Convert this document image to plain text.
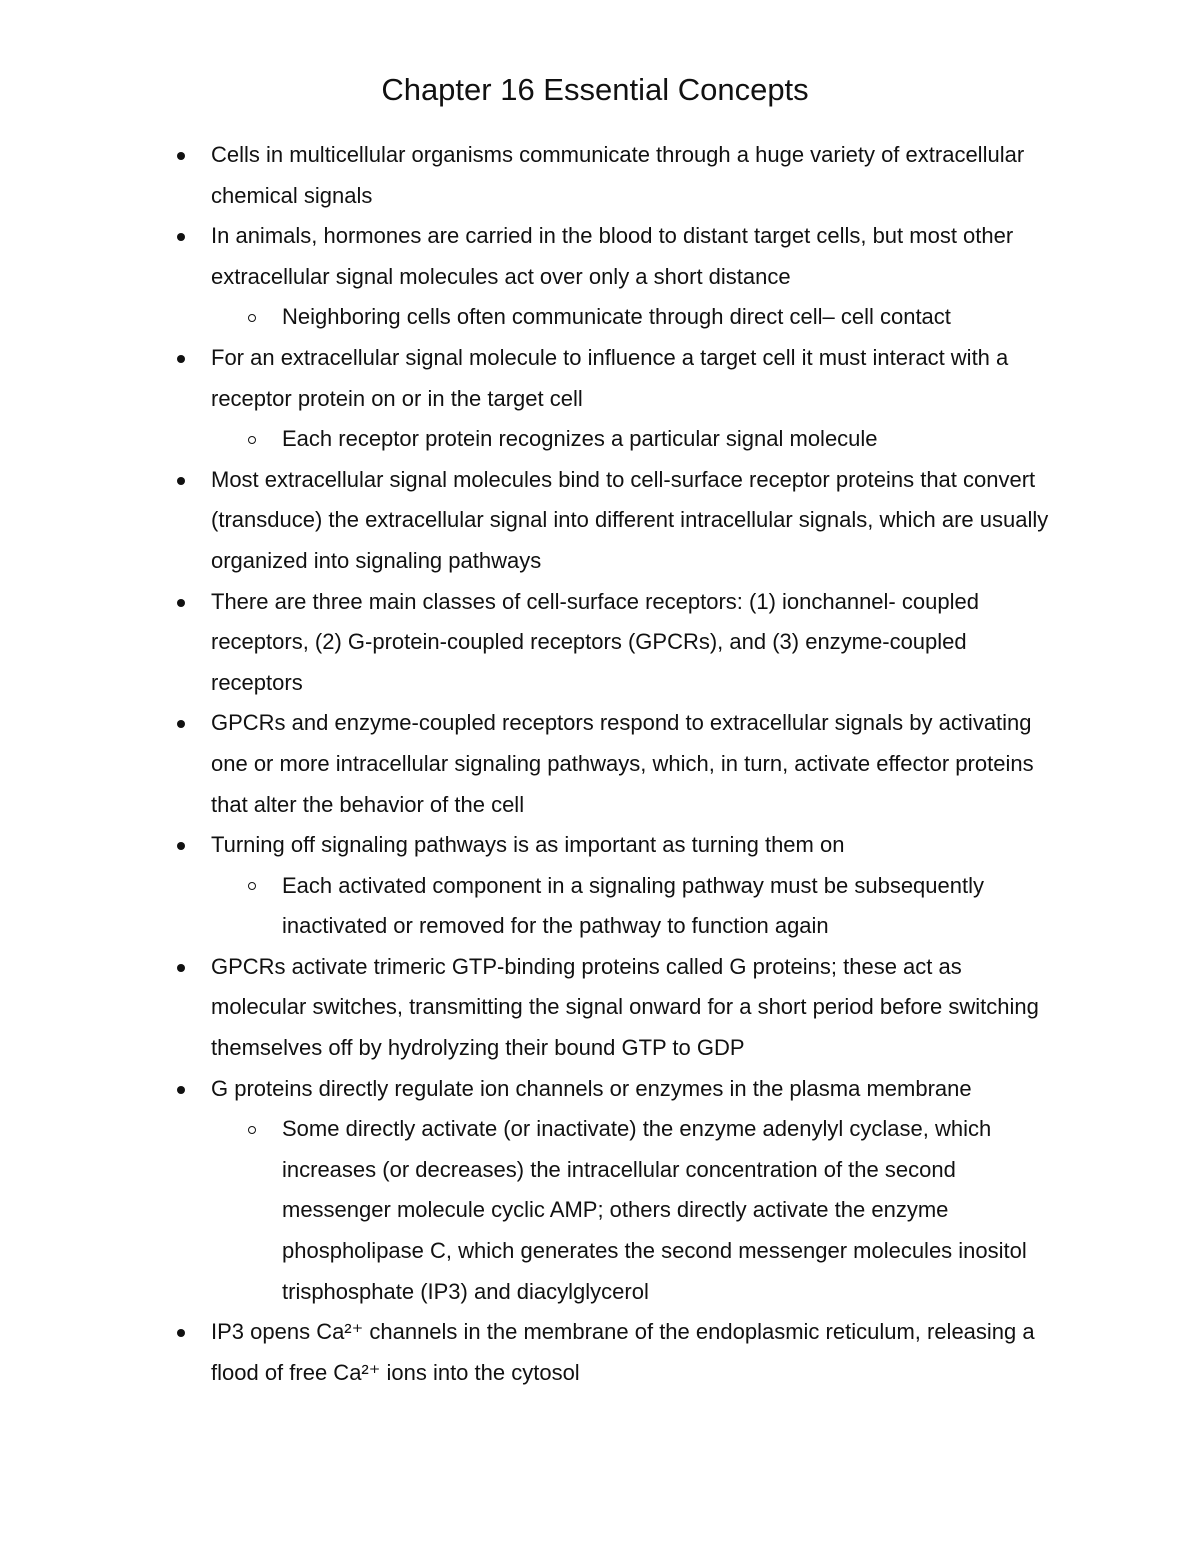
Chapter 16 Essential Concepts
Cells in multicellular organisms communicate through a huge variety of extracellular chemical signals
In animals, hormones are carried in the blood to distant target cells, but most other extracellular signal molecules act over only a short distance
Neighboring cells often communicate through direct cell– cell contact
For an extracellular signal molecule to influence a target cell it must interact with a receptor protein on or in the target cell
Each receptor protein recognizes a particular signal molecule
Most extracellular signal molecules bind to cell-surface receptor proteins that convert (transduce) the extracellular signal into different intracellular signals, which are usually organized into signaling pathways
There are three main classes of cell-surface receptors: (1) ionchannel- coupled receptors, (2) G-protein-coupled receptors (GPCRs), and (3) enzyme-coupled receptors
GPCRs and enzyme-coupled receptors respond to extracellular signals by activating one or more intracellular signaling pathways, which, in turn, activate effector proteins that alter the behavior of the cell
Turning off signaling pathways is as important as turning them on
Each activated component in a signaling pathway must be subsequently inactivated or removed for the pathway to function again
GPCRs activate trimeric GTP-binding proteins called G proteins; these act as molecular switches, transmitting the signal onward for a short period before switching themselves off by hydrolyzing their bound GTP to GDP
G proteins directly regulate ion channels or enzymes in the plasma membrane
Some directly activate (or inactivate) the enzyme adenylyl cyclase, which increases (or decreases) the intracellular concentration of the second messenger molecule cyclic AMP; others directly activate the enzyme phospholipase C, which generates the second messenger molecules inositol trisphosphate (IP3) and diacylglycerol
IP3 opens Ca²⁺ channels in the membrane of the endoplasmic reticulum, releasing a flood of free Ca²⁺ ions into the cytosol
